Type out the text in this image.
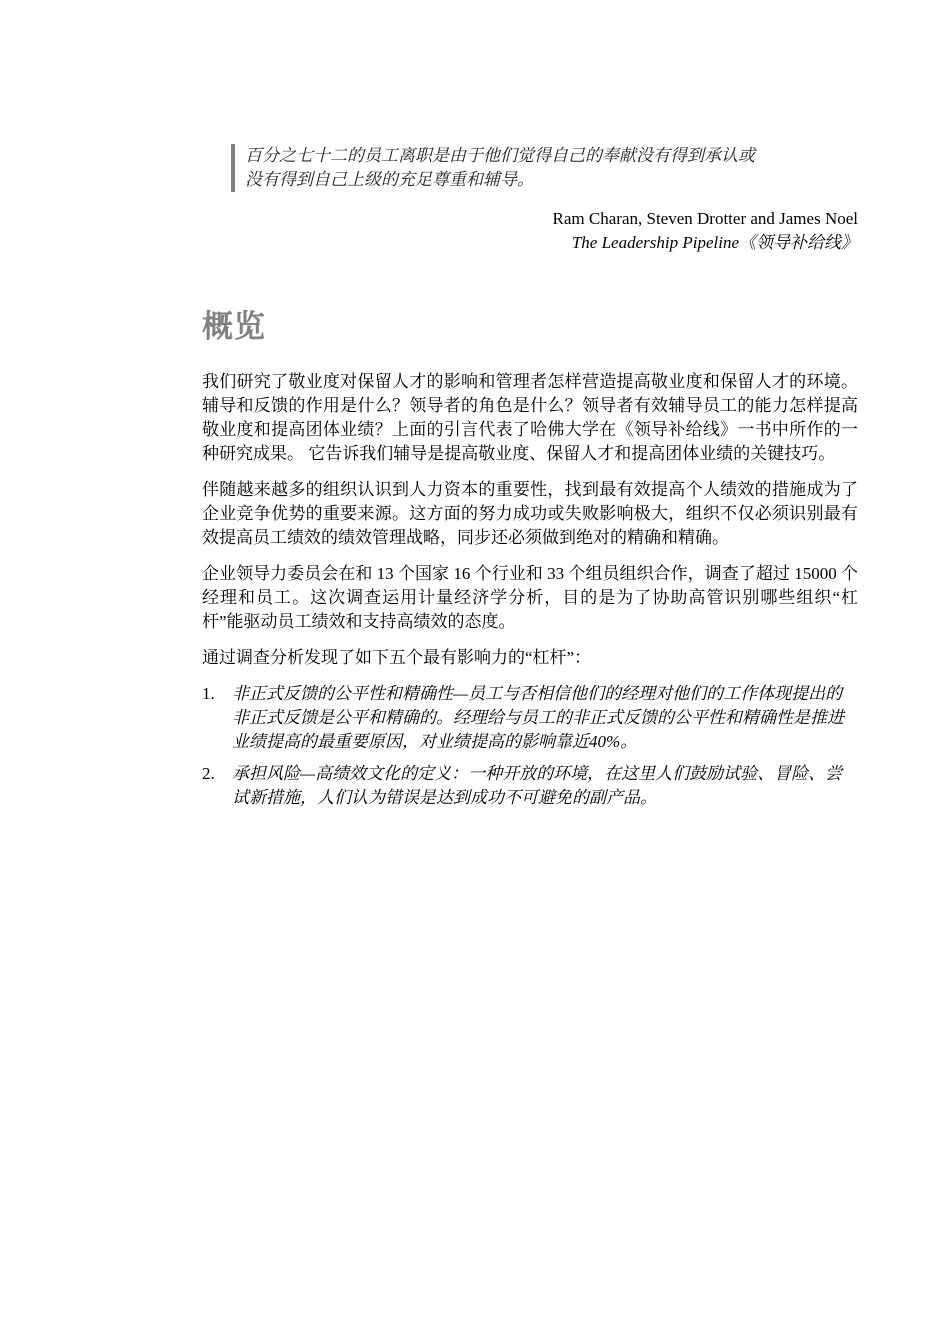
百分之七十二的员工离职是由于他们觉得自己的奉献没有得到承认或
没有得到自己上级的充足尊重和辅导。

Ram Charan, Steven Drotter and James Noel
The Leadership Pipeline《领导补给线》
概览

我们研究了敬业度对保留人才的影响和管理者怎样营造提高敬业度和保留人才的环境。辅导和反馈的作用是什么？领导者的角色是什么？领导者有效辅导员工的能力怎样提高敬业度和提高团体业绩？上面的引言代表了哈佛大学在《领导补给线》一书中所作的一种研究成果。 它告诉我们辅导是提高敬业度、保留人才和提高团体业绩的关键技巧。

伴随越来越多的组织认识到人力资本的重要性，找到最有效提高个人绩效的措施成为了企业竞争优势的重要来源。这方面的努力成功或失败影响极大，组织不仅必须识别最有效提高员工绩效的绩效管理战略，同步还必须做到绝对的精确和精确。

企业领导力委员会在和 13 个国家 16 个行业和 33 个组员组织合作，调查了超过 15000 个经理和员工。这次调查运用计量经济学分析，目的是为了协助高管识别哪些组织“杠杆”能驱动员工绩效和支持高绩效的态度。

通过调查分析发现了如下五个最有影响力的“杠杆”：

1. 非正式反馈的公平性和精确性—员工与否相信他们的经理对他们的工作体现提出的非正式反馈是公平和精确的。经理给与员工的非正式反馈的公平性和精确性是推进业绩提高的最重要原因，对业绩提高的影响靠近40%。
2. 承担风险—高绩效文化的定义：一种开放的环境，在这里人们鼓励试验、冒险、尝试新措施，人们认为错误是达到成功不可避免的副产品。
